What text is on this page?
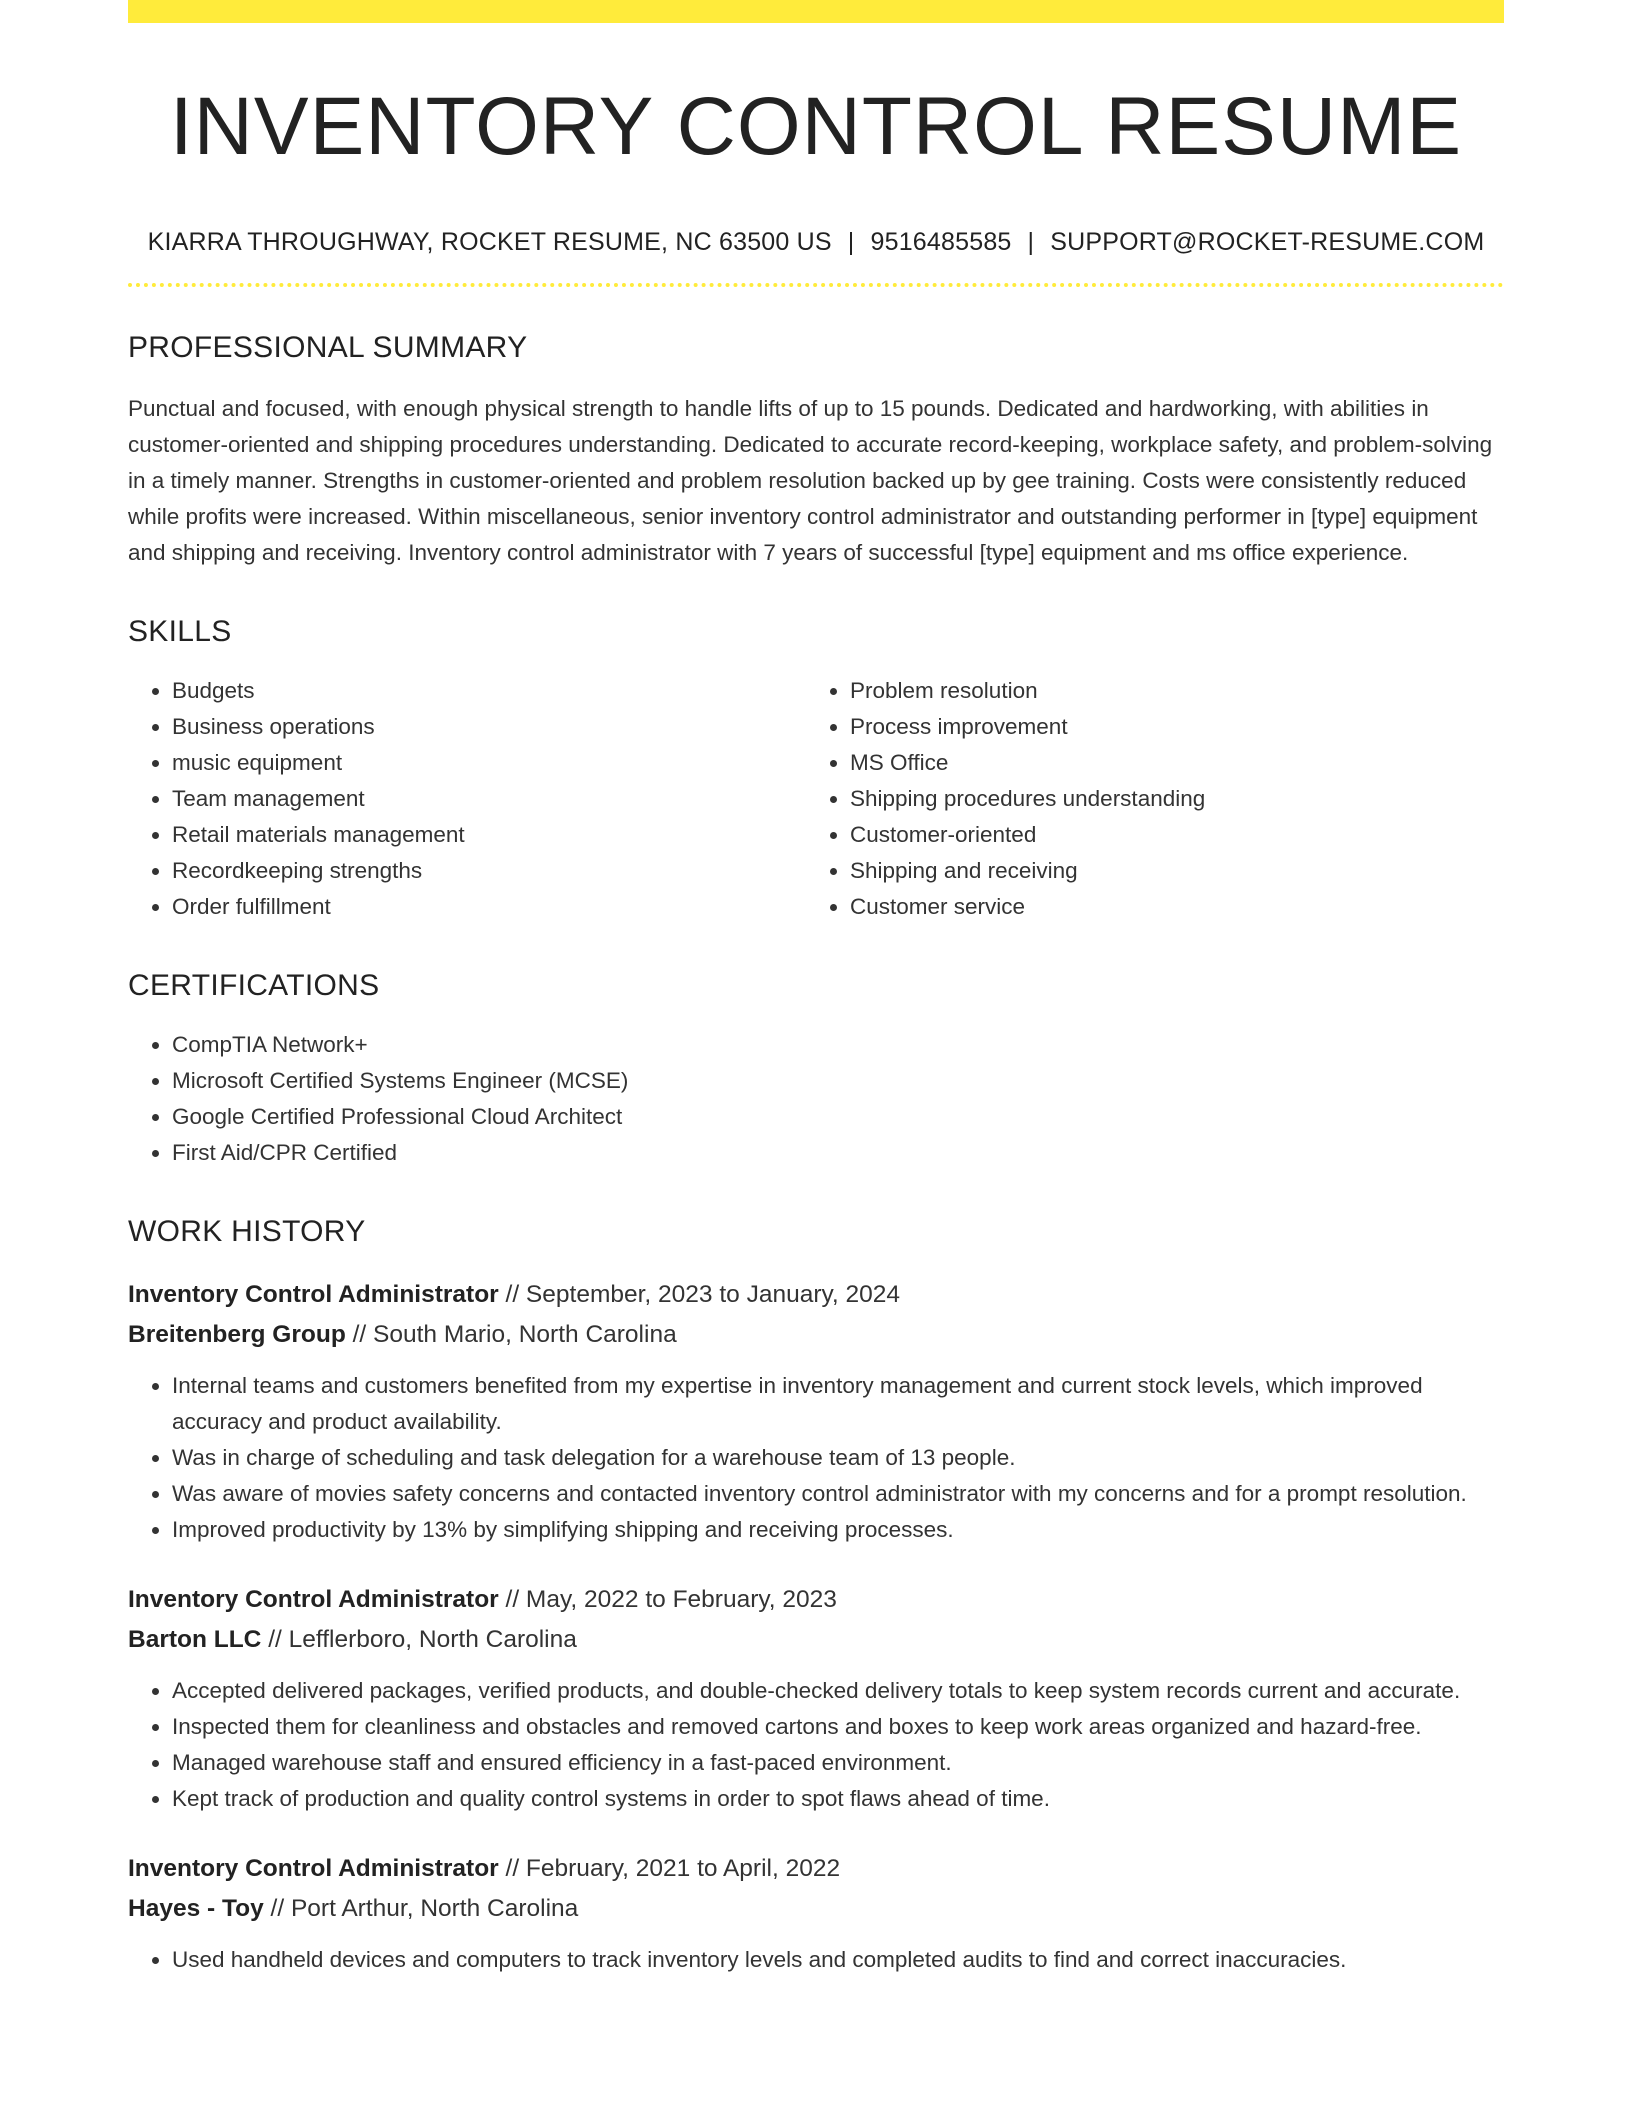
INVENTORY CONTROL RESUME
KIARRA THROUGHWAY, ROCKET RESUME, NC 63500 US | 9516485585 | SUPPORT@ROCKET-RESUME.COM
PROFESSIONAL SUMMARY

Punctual and focused, with enough physical strength to handle lifts of up to 15 pounds. Dedicated and hardworking, with abilities in customer-oriented and shipping procedures understanding. Dedicated to accurate record-keeping, workplace safety, and problem-solving in a timely manner. Strengths in customer-oriented and problem resolution backed up by gee training. Costs were consistently reduced while profits were increased. Within miscellaneous, senior inventory control administrator and outstanding performer in [type] equipment and shipping and receiving. Inventory control administrator with 7 years of successful [type] equipment and ms office experience.

SKILLS
• Budgets
• Business operations
• music equipment
• Team management
• Retail materials management
• Recordkeeping strengths
• Order fulfillment
• Problem resolution
• Process improvement
• MS Office
• Shipping procedures understanding
• Customer-oriented
• Shipping and receiving
• Customer service
CERTIFICATIONS
• CompTIA Network+
• Microsoft Certified Systems Engineer (MCSE)
• Google Certified Professional Cloud Architect
• First Aid/CPR Certified
WORK HISTORY
Inventory Control Administrator // September, 2023 to January, 2024
Breitenberg Group // South Mario, North Carolina
• Internal teams and customers benefited from my expertise in inventory management and current stock levels, which improved accuracy and product availability.
• Was in charge of scheduling and task delegation for a warehouse team of 13 people.
• Was aware of movies safety concerns and contacted inventory control administrator with my concerns and for a prompt resolution.
• Improved productivity by 13% by simplifying shipping and receiving processes.
Inventory Control Administrator // May, 2022 to February, 2023
Barton LLC // Lefflerboro, North Carolina
• Accepted delivered packages, verified products, and double-checked delivery totals to keep system records current and accurate.
• Inspected them for cleanliness and obstacles and removed cartons and boxes to keep work areas organized and hazard-free.
• Managed warehouse staff and ensured efficiency in a fast-paced environment.
• Kept track of production and quality control systems in order to spot flaws ahead of time.
Inventory Control Administrator // February, 2021 to April, 2022
Hayes - Toy // Port Arthur, North Carolina
• Used handheld devices and computers to track inventory levels and completed audits to find and correct inaccuracies.
